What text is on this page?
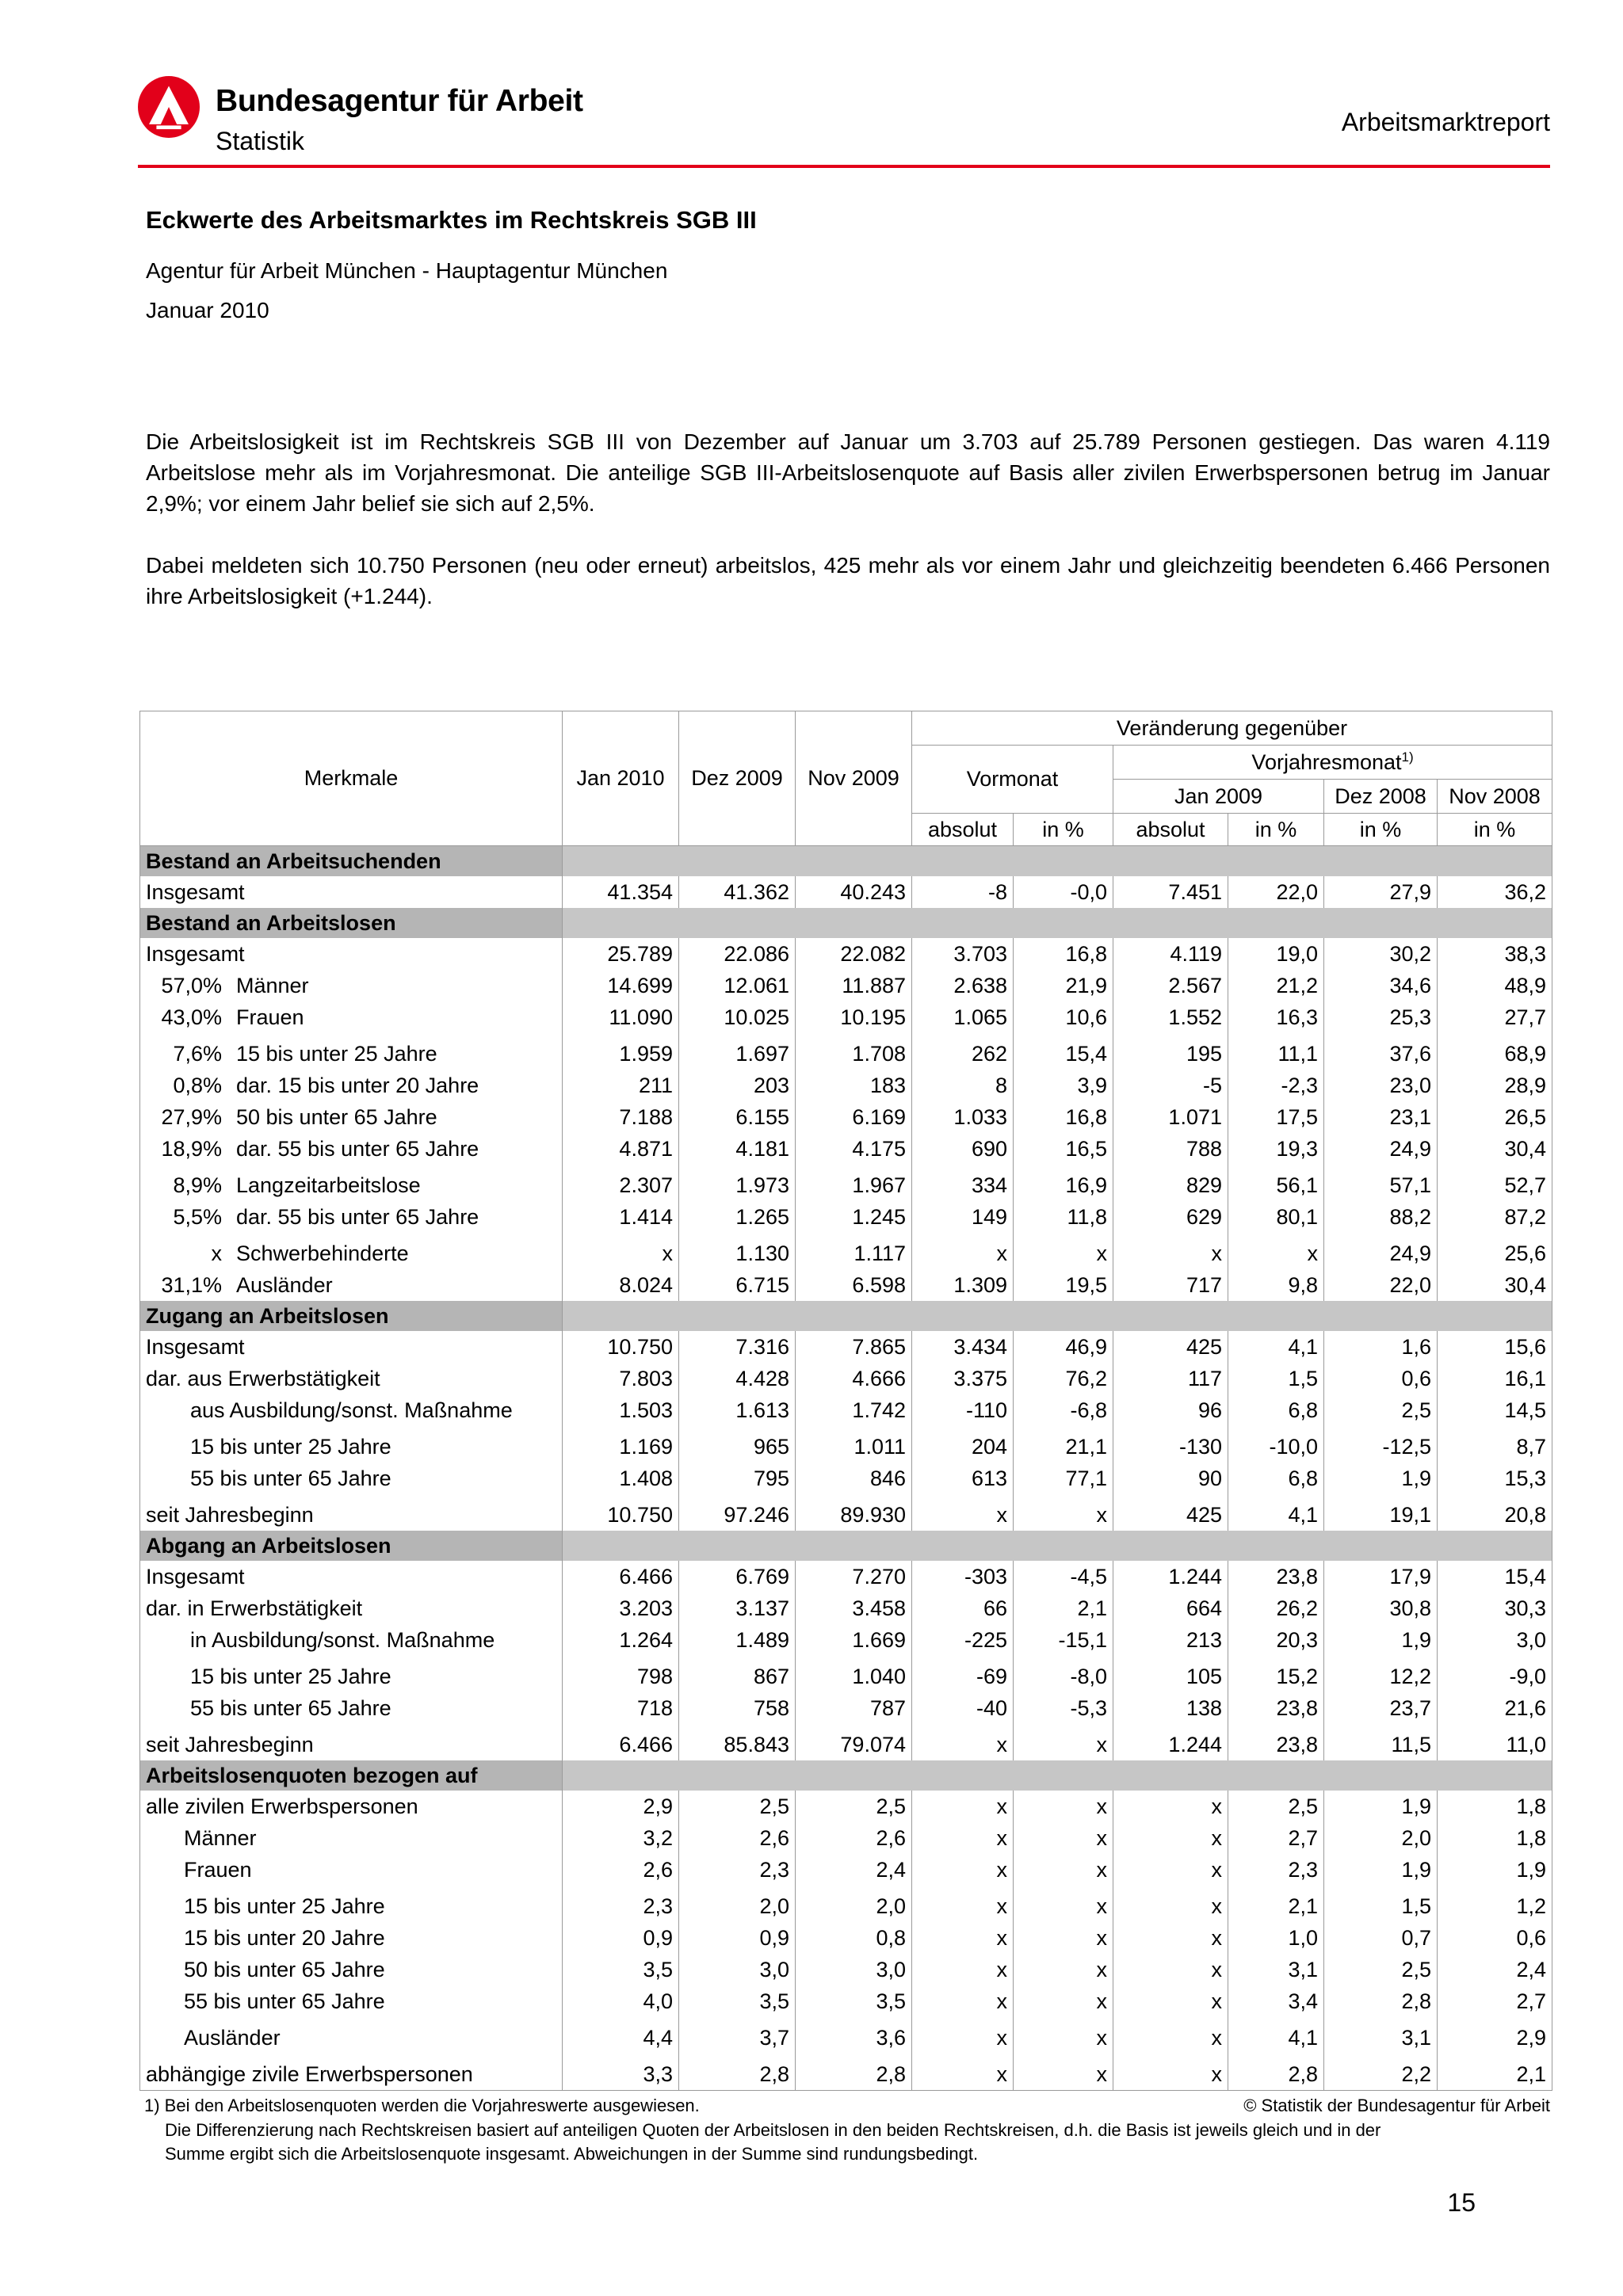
Bundesagentur für Arbeit
Statistik
Arbeitsmarktreport
Eckwerte des Arbeitsmarktes im Rechtskreis SGB III
Agentur für Arbeit München - Hauptagentur München
Januar 2010

Die Arbeitslosigkeit ist im Rechtskreis SGB III von Dezember auf Januar um 3.703 auf 25.789 Personen gestiegen. Das waren 4.119 Arbeitslose mehr als im Vorjahresmonat. Die anteilige SGB III-Arbeitslosenquote auf Basis aller zivilen Erwerbspersonen betrug im Januar 2,9%; vor einem Jahr belief sie sich auf 2,5%.

Dabei meldeten sich 10.750 Personen (neu oder erneut) arbeitslos, 425 mehr als vor einem Jahr und gleichzeitig beendeten 6.466 Personen ihre Arbeitslosigkeit (+1.244).

Merkmale	Jan 2010	Dez 2009	Nov 2009	Veränderung gegenüber					
				Vormonat		Vorjahresmonat$^{1)}$
						Jan 2009		Dez 2008	Nov 2008
				absolut	in %	absolut	in %	in %	in %
Bestand an Arbeitsuchenden									
Insgesamt	41.354	41.362	40.243	-8	-0,0	7.451	22,0	27,9	36,2
Bestand an Arbeitslosen									
Insgesamt	25.789	22.086	22.082	3.703	16,8	4.119	19,0	30,2	38,3
57,0% Männer	14.699	12.061	11.887	2.638	21,9	2.567	21,2	34,6	48,9
43,0% Frauen	11.090	10.025	10.195	1.065	10,6	1.552	16,3	25,3	27,7
7,6% 15 bis unter 25 Jahre	1.959	1.697	1.708	262	15,4	195	11,1	37,6	68,9
0,8% dar. 15 bis unter 20 Jahre	211	203	183	8	3,9	-5	-2,3	23,0	28,9
27,9% 50 bis unter 65 Jahre	7.188	6.155	6.169	1.033	16,8	1.071	17,5	23,1	26,5
18,9% dar. 55 bis unter 65 Jahre	4.871	4.181	4.175	690	16,5	788	19,3	24,9	30,4
8,9% Langzeitarbeitslose	2.307	1.973	1.967	334	16,9	829	56,1	57,1	52,7
5,5% dar. 55 bis unter 65 Jahre	1.414	1.265	1.245	149	11,8	629	80,1	88,2	87,2
x Schwerbehinderte	x	1.130	1.117	x	x	x	x	24,9	25,6
31,1% Ausländer	8.024	6.715	6.598	1.309	19,5	717	9,8	22,0	30,4
Zugang an Arbeitslosen									
Insgesamt	10.750	7.316	7.865	3.434	46,9	425	4,1	1,6	15,6
dar. aus Erwerbstätigkeit	7.803	4.428	4.666	3.375	76,2	117	1,5	0,6	16,1
aus Ausbildung/sonst. Maßnahme	1.503	1.613	1.742	-110	-6,8	96	6,8	2,5	14,5
15 bis unter 25 Jahre	1.169	965	1.011	204	21,1	-130	-10,0	-12,5	8,7
55 bis unter 65 Jahre	1.408	795	846	613	77,1	90	6,8	1,9	15,3
seit Jahresbeginn	10.750	97.246	89.930	x	x	425	4,1	19,1	20,8
Abgang an Arbeitslosen									
Insgesamt	6.466	6.769	7.270	-303	-4,5	1.244	23,8	17,9	15,4
dar. in Erwerbstätigkeit	3.203	3.137	3.458	66	2,1	664	26,2	30,8	30,3
in Ausbildung/sonst. Maßnahme	1.264	1.489	1.669	-225	-15,1	213	20,3	1,9	3,0
15 bis unter 25 Jahre	798	867	1.040	-69	-8,0	105	15,2	12,2	-9,0
55 bis unter 65 Jahre	718	758	787	-40	-5,3	138	23,8	23,7	21,6
seit Jahresbeginn	6.466	85.843	79.074	x	x	1.244	23,8	11,5	11,0
Arbeitslosenquoten bezogen auf									
alle zivilen Erwerbspersonen	2,9	2,5	2,5	x	x	x	2,5	1,9	1,8
Männer	3,2	2,6	2,6	x	x	x	2,7	2,0	1,8
Frauen	2,6	2,3	2,4	x	x	x	2,3	1,9	1,9
15 bis unter 25 Jahre	2,3	2,0	2,0	x	x	x	2,1	1,5	1,2
15 bis unter 20 Jahre	0,9	0,9	0,8	x	x	x	1,0	0,7	0,6
50 bis unter 65 Jahre	3,5	3,0	3,0	x	x	x	3,1	2,5	2,4
55 bis unter 65 Jahre	4,0	3,5	3,5	x	x	x	3,4	2,8	2,7
Ausländer	4,4	3,7	3,6	x	x	x	4,1	3,1	2,9
abhängige zivile Erwerbspersonen	3,3	2,8	2,8	x	x	x	2,8	2,2	2,1
1) Bei den Arbeitslosenquoten werden die Vorjahreswerte ausgewiesen.
Die Differenzierung nach Rechtskreisen basiert auf anteiligen Quoten der Arbeitslosen in den beiden Rechtskreisen, d.h. die Basis ist jeweils gleich und in der
Summe ergibt sich die Arbeitslosenquote insgesamt. Abweichungen in der Summe sind rundungsbedingt.
© Statistik der Bundesagentur für Arbeit
15
